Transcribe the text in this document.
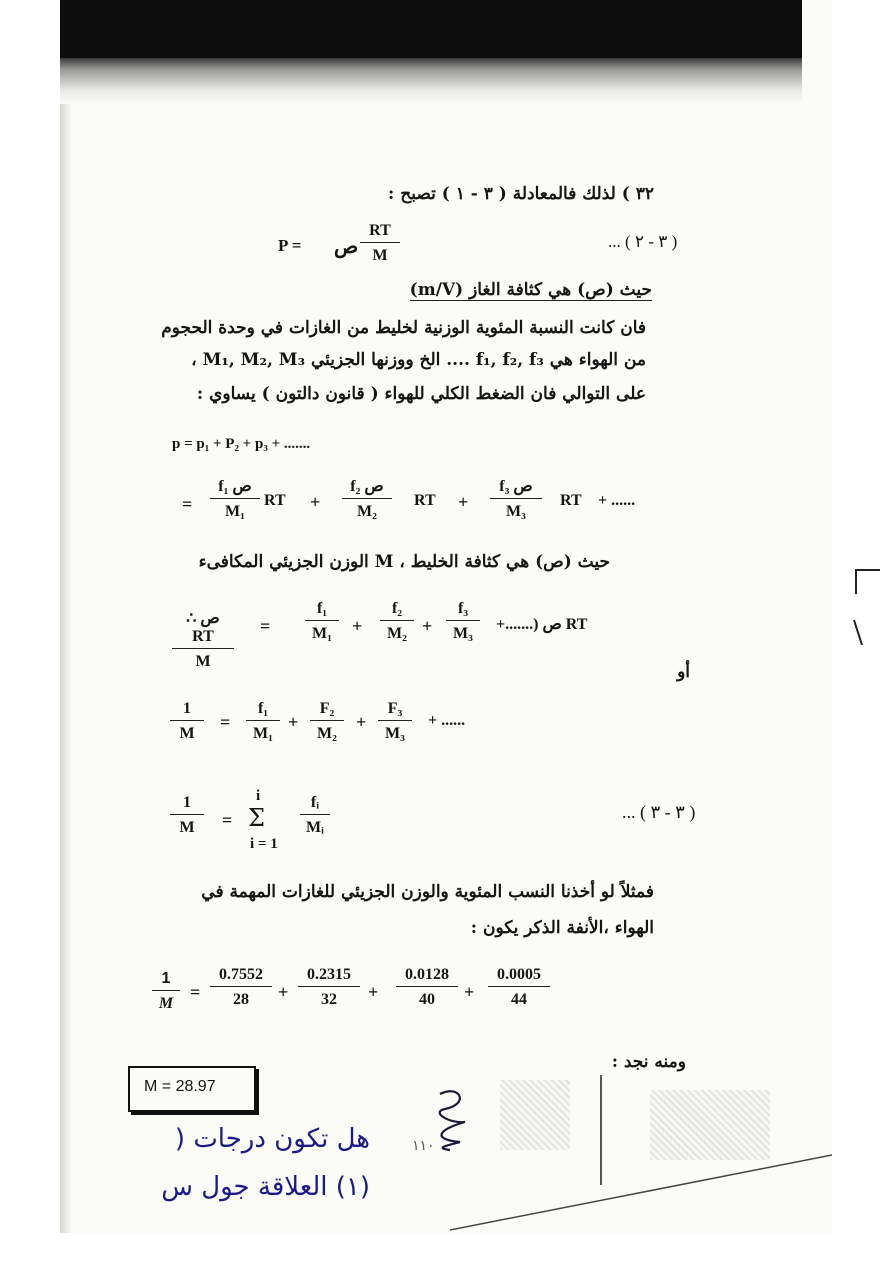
٣٢ ) لذلك فالمعادلة ( ٣ - ١ ) تصبح :
P = ص $\frac{RT}{M}$	... ( ٣ - ٢ )
حيث (ص) هي كثافة الغاز (m/V)
فان كانت النسبة المئوية الوزنية لخليط من الغازات في وحدة الحجوم
من الهواء هي f₁, f₂, f₃ .... الخ ووزنها الجزيئي M₁, M₂, M₃ ،
على التوالي فان الضغط الكلي للهواء ( قانون دالتون ) يساوي :
p = p₁ + P₂ + p₃ + .......
=
f₁ ص
M₁
RT +
f₂ ص
M₂
RT +
f₃ ص
M₃
RT + ......
حيث (ص) هي كثافة الخليط ، M الوزن الجزيئي المكافىء
∴ ص RT
M
= $\frac{\text{f₁}}{\text{M₁}} + \frac{\text{f₂}}{\text{M₂}} + \frac{\text{f₃}}{\text{M₃}}$ +.......) ص RT
أو
$\frac{1}{M} = \frac{\text{f₁}}{\text{M₁}} + \frac{\text{F₂}}{\text{M₂}} + \frac{\text{F₃}}{\text{M₃}}$ + ......
$\frac{1}{M}$ =
i
Σ
i = 1
$\frac{\text{fᵢ}}{\text{Mᵢ}}$	... ( ٣ - ٣ )
فمثلاً لو أخذنا النسب المئوية والوزن الجزيئي للغازات المهمة في
الهواء ،الأنفة الذكر يكون :
$\frac{1}{M} = \frac{0.7552}{28} + \frac{0.2315}{32} + \frac{0.0128}{40} + \frac{0.0005}{44}$
ومنه نجد :
M = 28.97
١١٠
هل تكون درجات (
(١) العلاقة جول س
